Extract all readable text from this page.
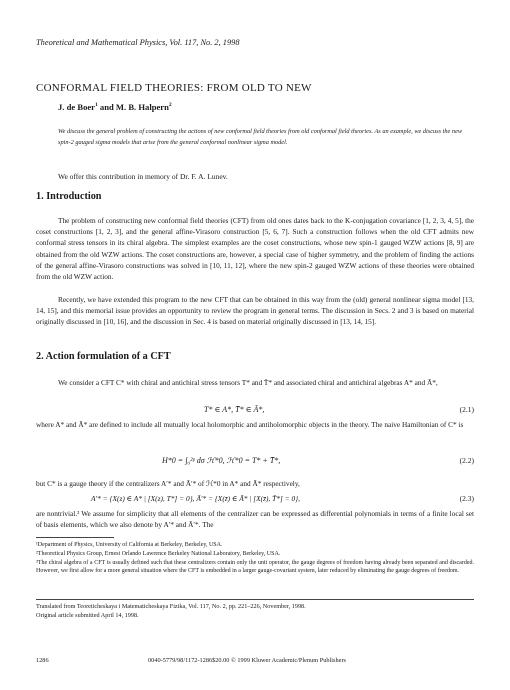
Theoretical and Mathematical Physics, Vol. 117, No. 2, 1998
CONFORMAL FIELD THEORIES: FROM OLD TO NEW
J. de Boer$^1$ and M. B. Halpern$^2$
We discuss the general problem of constructing the actions of new conformal field theories from old conformal field theories. As an example, we discuss the new spin-2 gauged sigma models that arise from the general conformal nonlinear sigma model.
We offer this contribution in memory of Dr. F. A. Lunev.
1. Introduction
The problem of constructing new conformal field theories (CFT) from old ones dates back to the K-conjugation covariance [1, 2, 3, 4, 5], the coset constructions [1, 2, 3], and the general affine-Virasoro construction [5, 6, 7]. Such a construction follows when the old CFT admits new conformal stress tensors in its chiral algebra. The simplest examples are the coset constructions, whose new spin-1 gauged WZW actions [8, 9] are obtained from the old WZW actions. The coset constructions are, however, a special case of higher symmetry, and the problem of finding the actions of the general affine-Virasoro constructions was solved in [10, 11, 12], where the new spin-2 gauged WZW actions of these theories were obtained from the old WZW action.
Recently, we have extended this program to the new CFT that can be obtained in this way from the (old) general nonlinear sigma model [13, 14, 15], and this memorial issue provides an opportunity to review the program in general terms. The discussion in Secs. 2 and 3 is based on material originally discussed in [10, 16], and the discussion in Sec. 4 is based on material originally discussed in [13, 14, 15].
2. Action formulation of a CFT
We consider a CFT C* with chiral and antichiral stress tensors T* and T̄* and associated chiral and antichiral algebras A* and Ā*,
T* ∈ A*, T̄* ∈ Ā*,	(2.1)
where A* and Ā* are defined to include all mutually local holomorphic and antiholomorphic objects in the theory. The naive Hamiltonian of C* is
H*0 = ∫₀²ᵖ dσ ℋ*0, ℋ*0 = T* + T̄*,	(2.2)
but C* is a gauge theory if the centralizers A′* and Ā′* of ℋ*0 in A* and Ā* respectively,
A′* = {X(z) ∈ A* | [X(z), T*] = 0}, Ā′* = {X(z̄) ∈ Ā* | [X(z̄), T̄*] = 0},	(2.3)
are nontrivial.³ We assume for simplicity that all elements of the centralizer can be expressed as differential polynomials in terms of a finite local set of basis elements, which we also denote by A′* and Ā′*. The
¹Department of Physics, University of California at Berkeley, Berkeley, USA.
²Theoretical Physics Group, Ernest Orlando Lawrence Berkeley National Laboratory, Berkeley, USA.
³The chiral algebra of a CFT is usually defined such that these centralizers contain only the unit operator, the gauge degrees of freedom having already been separated and discarded. However, we first allow for a more general situation where the CFT is embedded in a larger gauge-covariant system, later reduced by eliminating the gauge degrees of freedom.
Translated from Teoreticheskaya i Matematicheskaya Fizika, Vol. 117, No. 2, pp. 221–226, November, 1998.
Original article submitted April 14, 1998.
1286	0040-5779/98/1172-1286$20.00 © 1999 Kluwer Academic/Plenum Publishers
